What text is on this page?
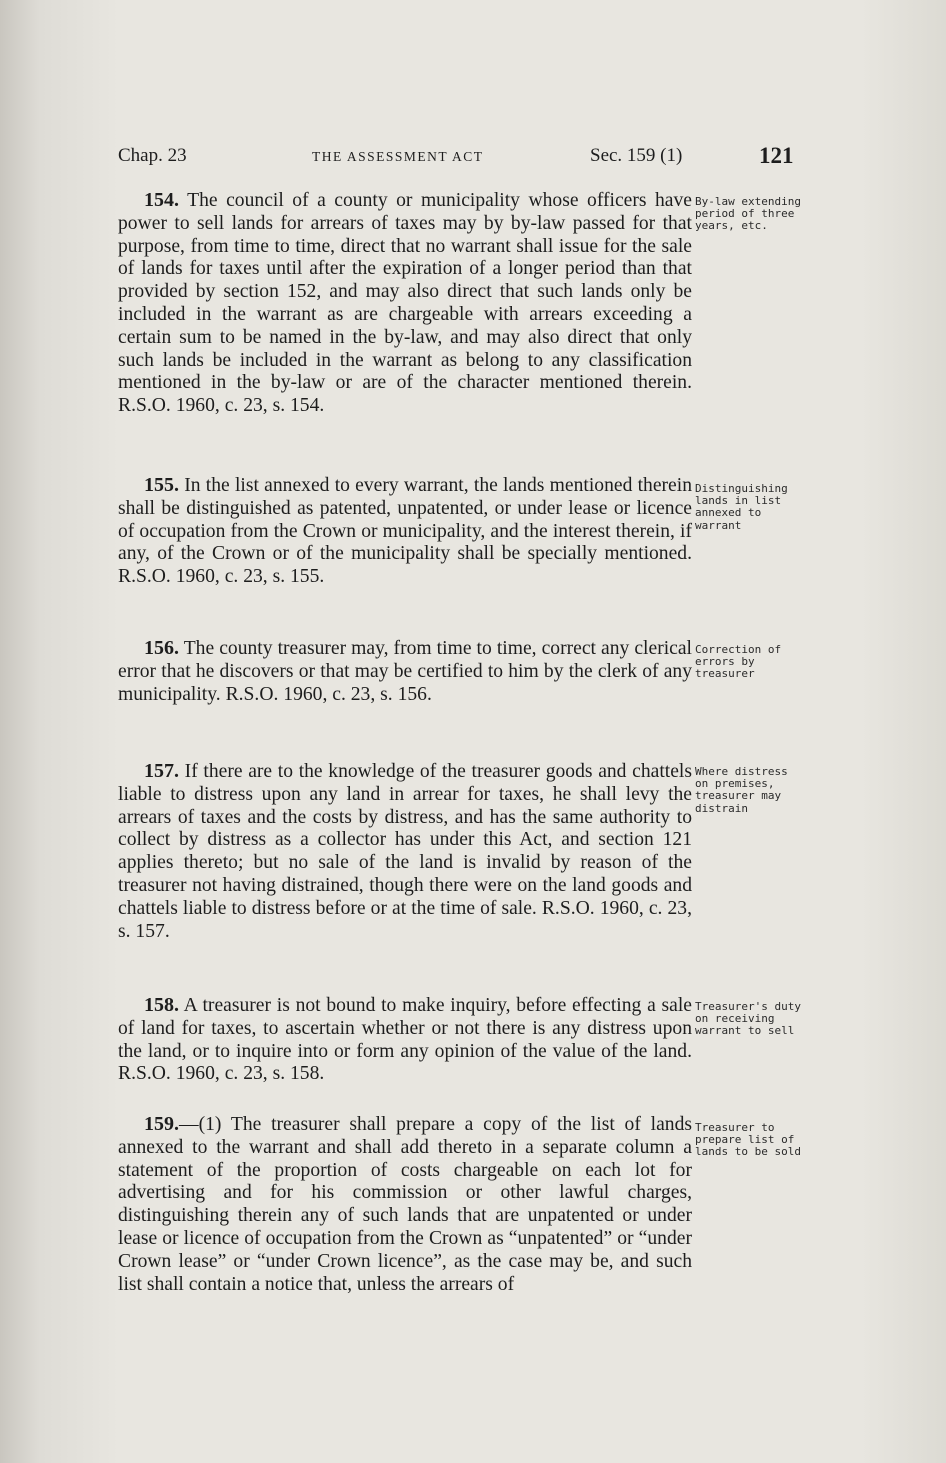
Chap. 23	THE ASSESSMENT ACT	Sec. 159 (1)	121

154. The council of a county or municipality whose officers have power to sell lands for arrears of taxes may by by-law passed for that purpose, from time to time, direct that no warrant shall issue for the sale of lands for taxes until after the expiration of a longer period than that provided by section 152, and may also direct that such lands only be included in the warrant as are chargeable with arrears exceeding a certain sum to be named in the by-law, and may also direct that only such lands be included in the warrant as belong to any classification mentioned in the by-law or are of the character mentioned therein. R.S.O. 1960, c. 23, s. 154.

By-law extending period of three years, etc.

155. In the list annexed to every warrant, the lands mentioned therein shall be distinguished as patented, unpatented, or under lease or licence of occupation from the Crown or municipality, and the interest therein, if any, of the Crown or of the municipality shall be specially mentioned. R.S.O. 1960, c. 23, s. 155.

Distinguishing lands in list annexed to warrant

156. The county treasurer may, from time to time, correct any clerical error that he discovers or that may be certified to him by the clerk of any municipality. R.S.O. 1960, c. 23, s. 156.

Correction of errors by treasurer

157. If there are to the knowledge of the treasurer goods and chattels liable to distress upon any land in arrear for taxes, he shall levy the arrears of taxes and the costs by distress, and has the same authority to collect by distress as a collector has under this Act, and section 121 applies thereto; but no sale of the land is invalid by reason of the treasurer not having distrained, though there were on the land goods and chattels liable to distress before or at the time of sale. R.S.O. 1960, c. 23, s. 157.

Where distress on premises, treasurer may distrain

158. A treasurer is not bound to make inquiry, before effecting a sale of land for taxes, to ascertain whether or not there is any distress upon the land, or to inquire into or form any opinion of the value of the land. R.S.O. 1960, c. 23, s. 158.

Treasurer's duty on receiving warrant to sell

159.—(1) The treasurer shall prepare a copy of the list of lands annexed to the warrant and shall add thereto in a separate column a statement of the proportion of costs chargeable on each lot for advertising and for his commission or other lawful charges, distinguishing therein any of such lands that are unpatented or under lease or licence of occupation from the Crown as “unpatented” or “under Crown lease” or “under Crown licence”, as the case may be, and such list shall contain a notice that, unless the arrears of

Treasurer to prepare list of lands to be sold
